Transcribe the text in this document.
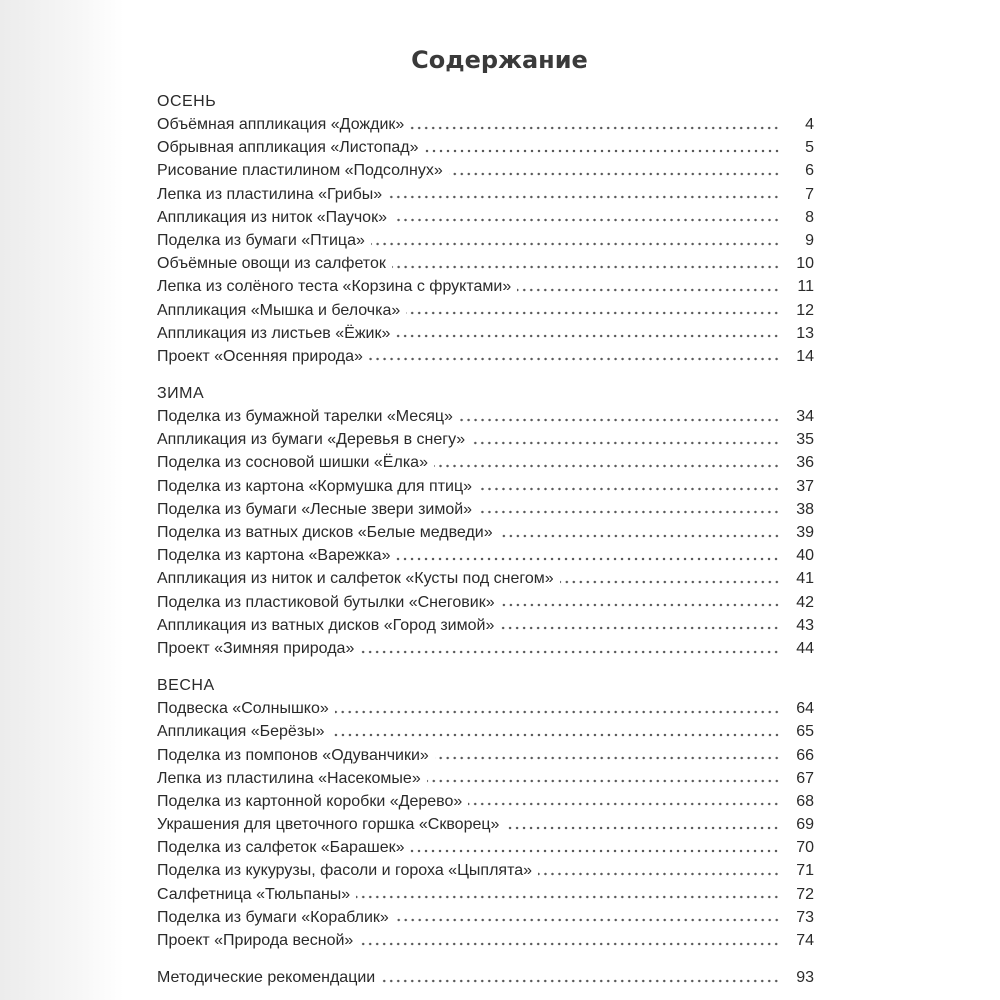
Содержание
ОСЕНЬ
Объёмная аппликация «Дождик»	4
Обрывная аппликация «Листопад»	5
Рисование пластилином «Подсолнух»	6
Лепка из пластилина «Грибы»	7
Аппликация из ниток «Паучок»	8
Поделка из бумаги «Птица»	9
Объёмные овощи из салфеток	10
Лепка из солёного теста «Корзина с фруктами»	11
Аппликация «Мышка и белочка»	12
Аппликация из листьев «Ёжик»	13
Проект «Осенняя природа»	14
ЗИМА
Поделка из бумажной тарелки «Месяц»	34
Аппликация из бумаги «Деревья в снегу»	35
Поделка из сосновой шишки «Ёлка»	36
Поделка из картона «Кормушка для птиц»	37
Поделка из бумаги «Лесные звери зимой»	38
Поделка из ватных дисков «Белые медведи»	39
Поделка из картона «Варежка»	40
Аппликация из ниток и салфеток «Кусты под снегом»	41
Поделка из пластиковой бутылки «Снеговик»	42
Аппликация из ватных дисков «Город зимой»	43
Проект «Зимняя природа»	44
ВЕСНА
Подвеска «Солнышко»	64
Аппликация «Берёзы»	65
Поделка из помпонов «Одуванчики»	66
Лепка из пластилина «Насекомые»	67
Поделка из картонной коробки «Дерево»	68
Украшения для цветочного горшка «Скворец»	69
Поделка из салфеток «Барашек»	70
Поделка из кукурузы, фасоли и гороха «Цыплята»	71
Салфетница «Тюльпаны»	72
Поделка из бумаги «Кораблик»	73
Проект «Природа весной»	74
Методические рекомендации	93
